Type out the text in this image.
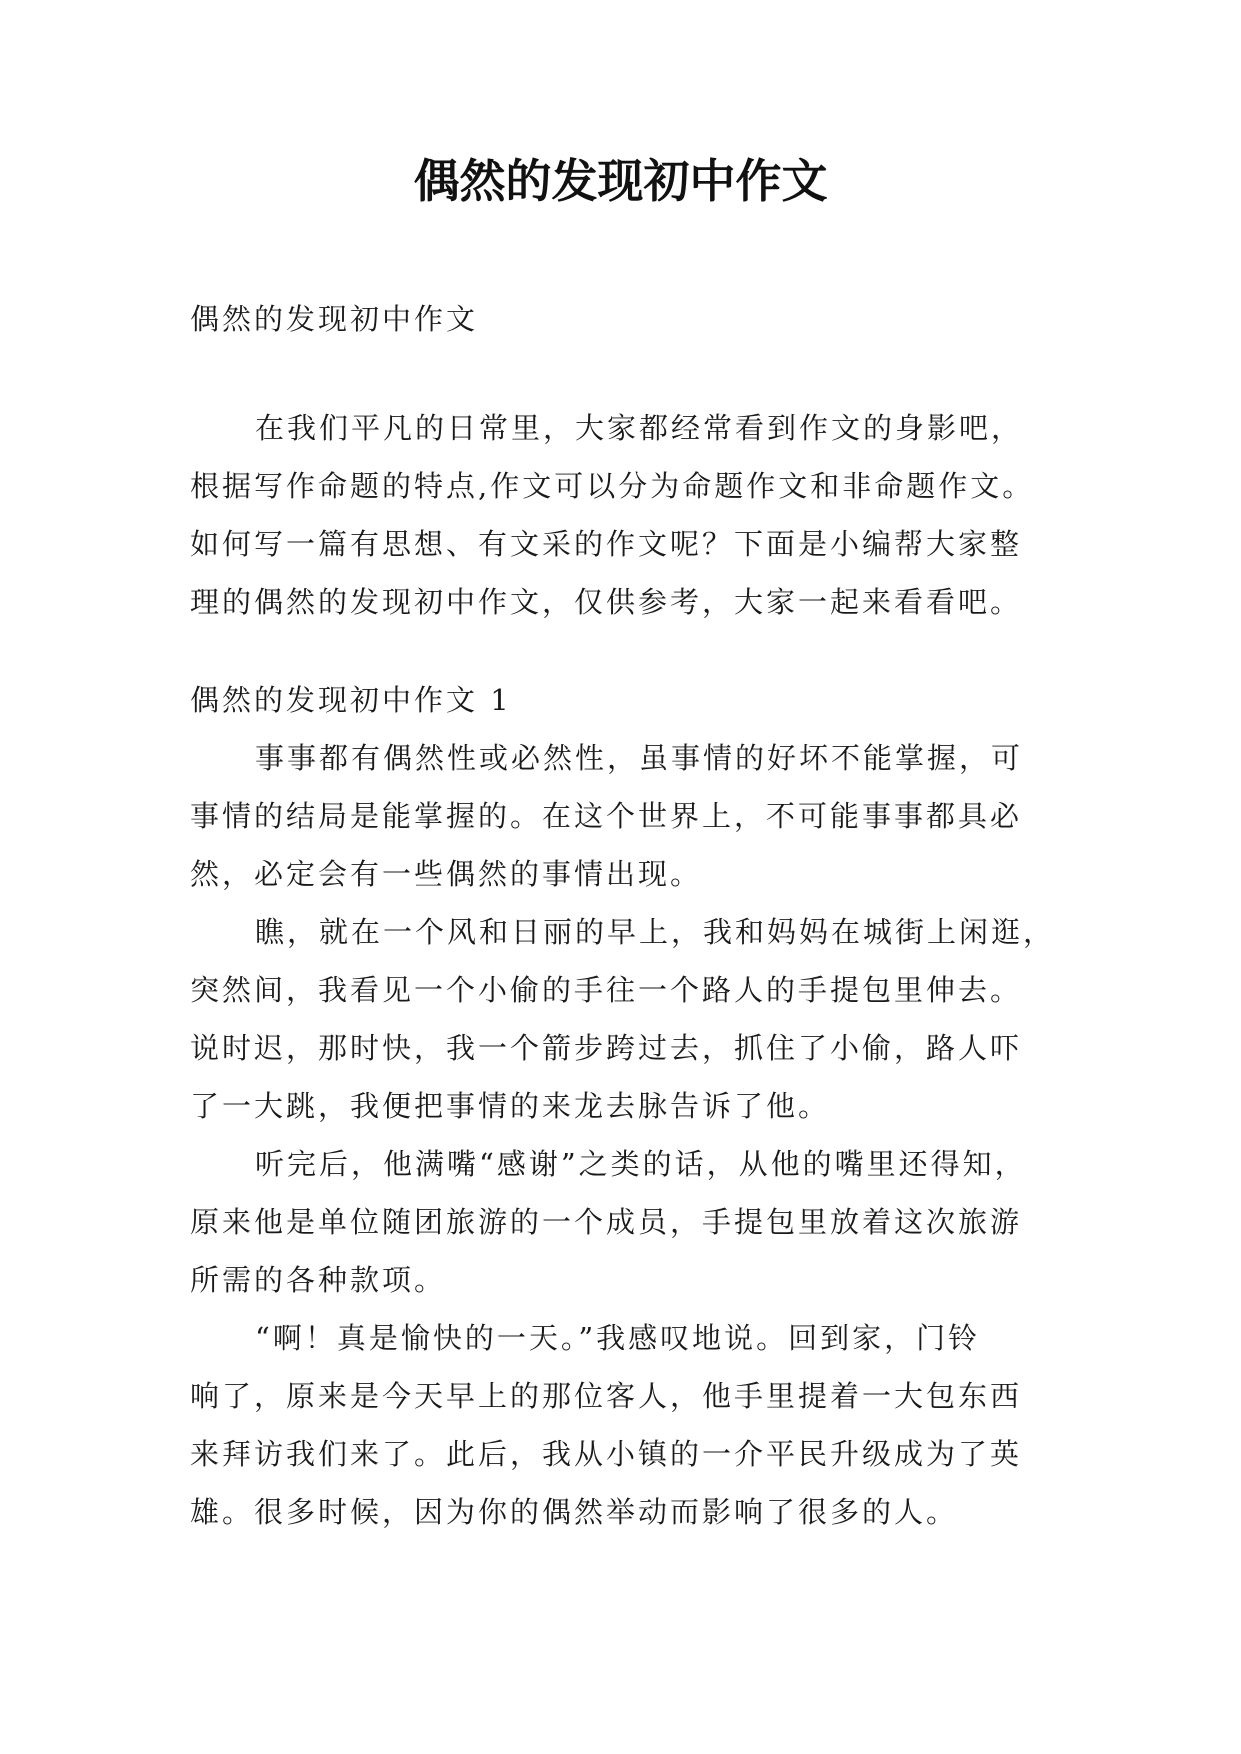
偶然的发现初中作文
偶然的发现初中作文
在我们平凡的日常里，大家都经常看到作文的身影吧，
根据写作命题的特点,作文可以分为命题作文和非命题作文。
如何写一篇有思想、有文采的作文呢？下面是小编帮大家整
理的偶然的发现初中作文，仅供参考，大家一起来看看吧。
偶然的发现初中作文 1
事事都有偶然性或必然性，虽事情的好坏不能掌握，可
事情的结局是能掌握的。在这个世界上，不可能事事都具必
然，必定会有一些偶然的事情出现。
瞧，就在一个风和日丽的早上，我和妈妈在城街上闲逛，
突然间，我看见一个小偷的手往一个路人的手提包里伸去。
说时迟，那时快，我一个箭步跨过去，抓住了小偷，路人吓
了一大跳，我便把事情的来龙去脉告诉了他。
听完后，他满嘴“感谢”之类的话，从他的嘴里还得知，
原来他是单位随团旅游的一个成员，手提包里放着这次旅游
所需的各种款项。
“啊！真是愉快的一天。”我感叹地说。回到家，门铃
响了，原来是今天早上的那位客人，他手里提着一大包东西
来拜访我们来了。此后，我从小镇的一介平民升级成为了英
雄。很多时候，因为你的偶然举动而影响了很多的人。
